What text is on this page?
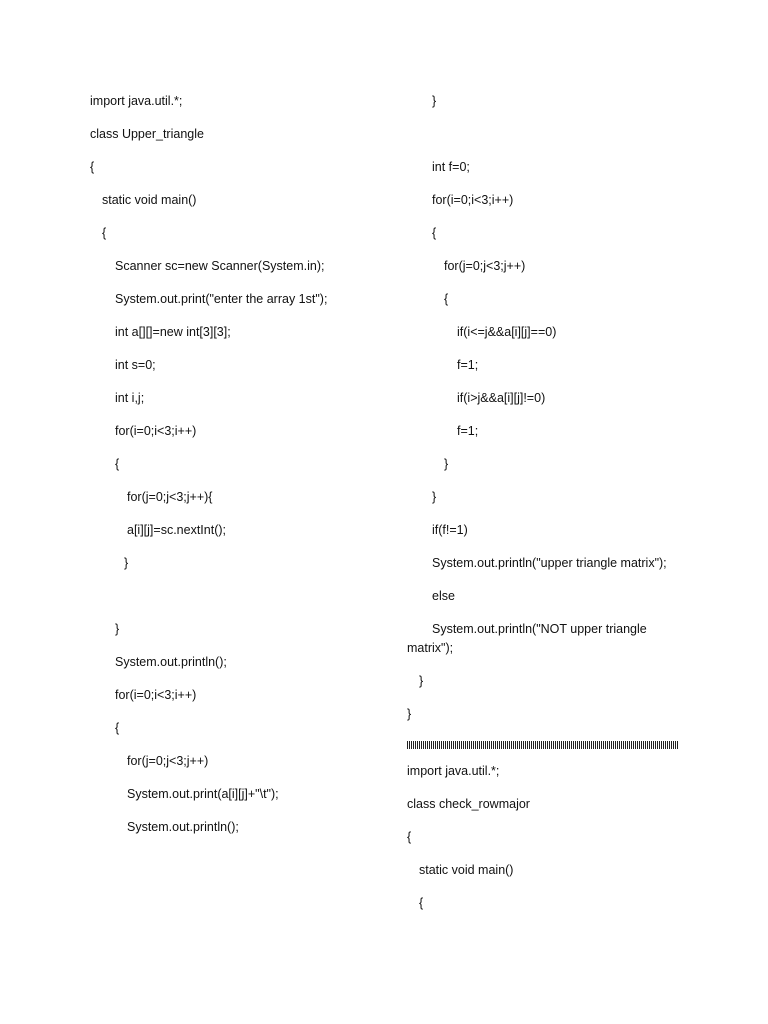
import java.util.*;
class Upper_triangle
{
static void main()
{
Scanner sc=new Scanner(System.in);
System.out.print("enter the array 1st");
int a[][]=new int[3][3];
int s=0;
int i,j;
for(i=0;i<3;i++)
{
for(j=0;j<3;j++){
a[i][j]=sc.nextInt();
}
}
System.out.println();
for(i=0;i<3;i++)
{
for(j=0;j<3;j++)
System.out.print(a[i][j]+"\t");
System.out.println();
}
int f=0;
for(i=0;i<3;i++)
{
for(j=0;j<3;j++)
{
if(i<=j&&a[i][j]==0)
f=1;
if(i>j&&a[i][j]!=0)
f=1;
}
}
if(f!=1)
System.out.println("upper triangle matrix");
else
System.out.println("NOT upper triangle matrix");
}
}
import java.util.*;
class check_rowmajor
{
static void main()
{
